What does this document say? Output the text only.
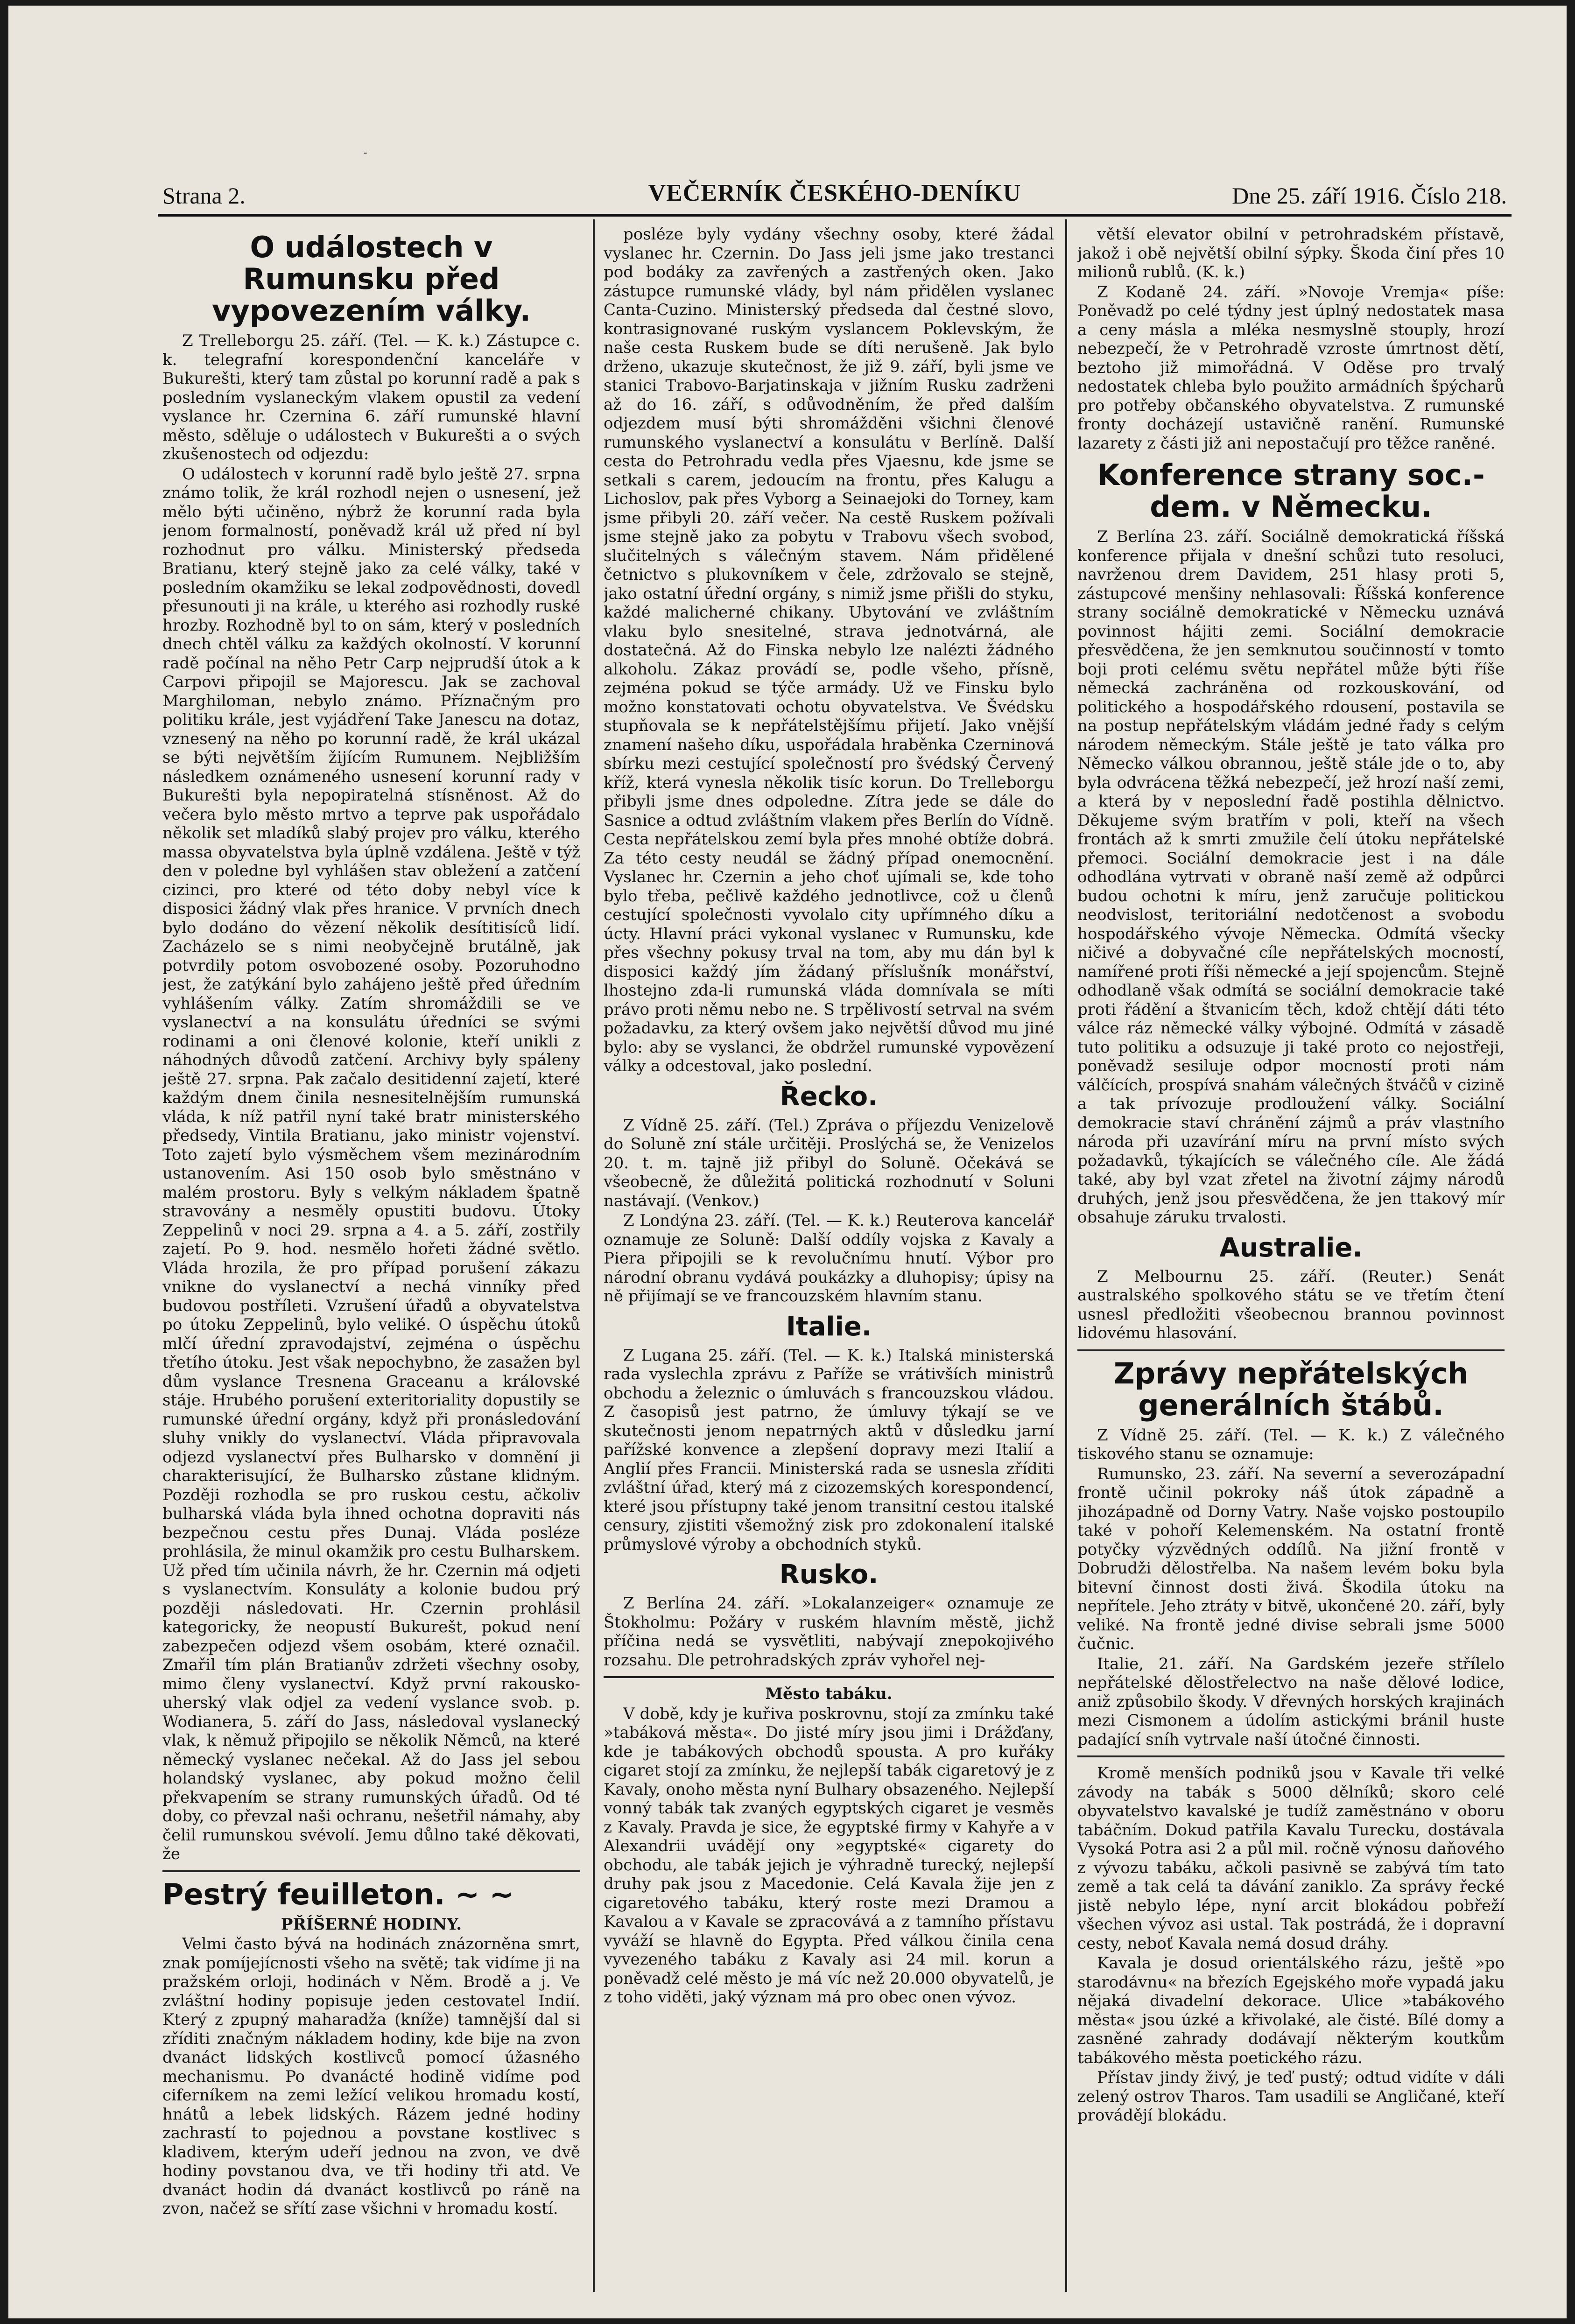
-
Strana 2.	VEČERNÍK ČESKÉHO-DENÍKU	Dne 25. září 1916. Číslo 218.
O událostech v Rumunsku před vypovezením války.

Z Trelleborgu 25. září. (Tel. — K. k.) Zástupce c. k. telegrafní korespondenční kanceláře v Bukurešti, který tam zůstal po korunní radě a pak s posledním vyslaneckým vlakem opustil za vedení vyslance hr. Czernina 6. září rumunské hlavní město, sděluje o událostech v Bukurešti a o svých zkušenostech od odjezdu:

O událostech v korunní radě bylo ještě 27. srpna známo tolik, že král rozhodl nejen o usnesení, jež mělo býti učiněno, nýbrž že korunní rada byla jenom formalností, poněvadž král už před ní byl rozhodnut pro válku. Ministerský předseda Bratianu, který stejně jako za celé války, také v posledním okamžiku se lekal zodpovědnosti, dovedl přesunouti ji na krále, u kterého asi rozhodly ruské hrozby. Rozhodně byl to on sám, který v posledních dnech chtěl válku za každých okolností. V korunní radě počínal na něho Petr Carp nejprudší útok a k Carpovi připojil se Majorescu. Jak se zachoval Marghiloman, nebylo známo. Příznačným pro politiku krále, jest vyjádření Take Janescu na dotaz, vznesený na něho po korunní radě, že král ukázal se býti největším žijícím Rumunem. Nejbližším následkem oznámeného usnesení korunní rady v Bukurešti byla nepopiratelná stísněnost. Až do večera bylo město mrtvo a teprve pak uspořádalo několik set mladíků slabý projev pro válku, kterého massa obyvatelstva byla úplně vzdálena. Ještě v týž den v poledne byl vyhlášen stav obležení a zatčení cizinci, pro které od této doby nebyl více k disposici žádný vlak přes hranice. V prvních dnech bylo dodáno do vězení několik desítitisíců lidí. Zacházelo se s nimi neobyčejně brutálně, jak potvrdily potom osvobozené osoby. Pozoruhodno jest, že zatýkání bylo zahájeno ještě před úředním vyhlášením války. Zatím shromáždili se ve vyslanectví a na konsulátu úředníci se svými rodinami a oni členové kolonie, kteří unikli z náhodných důvodů zatčení. Archivy byly spáleny ještě 27. srpna. Pak začalo desitidenní zajetí, které každým dnem činila nesnesitelnějším rumunská vláda, k níž patřil nyní také bratr ministerského předsedy, Vintila Bratianu, jako ministr vojenství. Toto zajetí bylo výsměchem všem mezinárodním ustanovením. Asi 150 osob bylo směstnáno v malém prostoru. Byly s velkým nákladem špatně stravovány a nesměly opustiti budovu. Útoky Zeppelinů v noci 29. srpna a 4. a 5. září, zostřily zajetí. Po 9. hod. nesmělo hořeti žádné světlo. Vláda hrozila, že pro případ porušení zákazu vnikne do vyslanectví a nechá vinníky před budovou postříleti. Vzrušení úřadů a obyvatelstva po útoku Zeppelinů, bylo veliké. O úspěchu útoků mlčí úřední zpravodajství, zejména o úspěchu třetího útoku. Jest však nepochybno, že zasažen byl dům vyslance Tresnena Graceanu a královské stáje. Hrubého porušení exteritoriality dopustily se rumunské úřední orgány, když při pronásledování sluhy vnikly do vyslanectví. Vláda připravovala odjezd vyslanectví přes Bulharsko v domnění ji charakterisující, že Bulharsko zůstane klidným. Později rozhodla se pro ruskou cestu, ačkoliv bulharská vláda byla ihned ochotna dopraviti nás bezpečnou cestu přes Dunaj. Vláda posléze prohlásila, že minul okamžik pro cestu Bulharskem. Už před tím učinila návrh, že hr. Czernin má odjeti s vyslanectvím. Konsuláty a kolonie budou prý později následovati. Hr. Czernin prohlásil kategoricky, že neopustí Bukurešt, pokud není zabezpečen odjezd všem osobám, které označil. Zmařil tím plán Bratianův zdržeti všechny osoby, mimo členy vyslanectví. Když první rakousko-uherský vlak odjel za vedení vyslance svob. p. Wodianera, 5. září do Jass, následoval vyslanecký vlak, k němuž připojilo se několik Němců, na které německý vyslanec nečekal. Až do Jass jel sebou holandský vyslanec, aby pokud možno čelil překvapením se strany rumunských úřadů. Od té doby, co převzal naši ochranu, nešetřil námahy, aby čelil rumunskou svévolí. Jemu důlno také děkovati, že

Pestrý feuilleton. ~ ~

PŘÍŠERNÉ HODINY.

Velmi často bývá na hodinách znázorněna smrt, znak pomíjejícnosti všeho na světě; tak vidíme ji na pražském orloji, hodinách v Něm. Brodě a j. Ve zvláštní hodiny popisuje jeden cestovatel Indií. Který z zpupný maharadža (kníže) tamnější dal si zříditi značným nákladem hodiny, kde bije na zvon dvanáct lidských kostlivců pomocí úžasného mechanismu. Po dvanácté hodině vidíme pod ciferníkem na zemi ležící velikou hromadu kostí, hnátů a lebek lidských. Rázem jedné hodiny zachrastí to pojednou a povstane kostlivec s kladivem, kterým udeří jednou na zvon, ve dvě hodiny povstanou dva, ve tři hodiny tři atd. Ve dvanáct hodin dá dvanáct kostlivců po ráně na zvon, načež se sřítí zase všichni v hromadu kostí.

posléze byly vydány všechny osoby, které žádal vyslanec hr. Czernin. Do Jass jeli jsme jako trestanci pod bodáky za zavřených a zastřených oken. Jako zástupce rumunské vlády, byl nám přidělen vyslanec Canta-Cuzino. Ministerský předseda dal čestné slovo, kontrasignované ruským vyslancem Poklevským, že naše cesta Ruskem bude se díti nerušeně. Jak bylo drženo, ukazuje skutečnost, že již 9. září, byli jsme ve stanici Trabovo-Barjatinskaja v jižním Rusku zadrženi až do 16. září, s odůvodněním, že před dalším odjezdem musí býti shromážděni všichni členové rumunského vyslanectví a konsulátu v Berlíně. Další cesta do Petrohradu vedla přes Vjaesnu, kde jsme se setkali s carem, jedoucím na frontu, přes Kalugu a Lichoslov, pak přes Vyborg a Seinaejoki do Torney, kam jsme přibyli 20. září večer. Na cestě Ruskem požívali jsme stejně jako za pobytu v Trabovu všech svobod, slučitelných s válečným stavem. Nám přidělené četnictvo s plukovníkem v čele, zdržovalo se stejně, jako ostatní úřední orgány, s nimiž jsme přišli do styku, každé malicherné chikany. Ubytování ve zvláštním vlaku bylo snesitelné, strava jednotvárná, ale dostatečná. Až do Finska nebylo lze nalézti žádného alkoholu. Zákaz provádí se, podle všeho, přísně, zejména pokud se týče armády. Už ve Finsku bylo možno konstatovati ochotu obyvatelstva. Ve Švédsku stupňovala se k nepřátelstějšímu přijetí. Jako vnější znamení našeho díku, uspořádala hraběnka Czerninová sbírku mezi cestující společností pro švédský Červený kříž, která vynesla několik tisíc korun. Do Trelleborgu přibyli jsme dnes odpoledne. Zítra jede se dále do Sasnice a odtud zvláštním vlakem přes Berlín do Vídně. Cesta nepřátelskou zemí byla přes mnohé obtíže dobrá. Za této cesty neudál se žádný případ onemocnění. Vyslanec hr. Czernin a jeho choť ujímali se, kde toho bylo třeba, pečlivě každého jednotlivce, což u členů cestující společnosti vyvolalo city upřímného díku a úcty. Hlavní práci vykonal vyslanec v Rumunsku, kde přes všechny pokusy trval na tom, aby mu dán byl k disposici každý jím žádaný příslušník monářství, lhostejno zda-li rumunská vláda domnívala se míti právo proti němu nebo ne. S trpělivostí setrval na svém požadavku, za který ovšem jako největší důvod mu jiné bylo: aby se vyslanci, že obdržel rumunské vypovězení války a odcestoval, jako poslední.

Řecko.

Z Vídně 25. září. (Tel.) Zpráva o příjezdu Venizelově do Soluně zní stále určitěji. Proslýchá se, že Venizelos 20. t. m. tajně již přibyl do Soluně. Očekává se všeobecně, že důležitá politická rozhodnutí v Soluni nastávají. (Venkov.)

Z Londýna 23. září. (Tel. — K. k.) Reuterova kancelář oznamuje ze Soluně: Další oddíly vojska z Kavaly a Piera připojili se k revolučnímu hnutí. Výbor pro národní obranu vydává poukázky a dluhopisy; úpisy na ně přijímají se ve francouzském hlavním stanu.

Italie.

Z Lugana 25. září. (Tel. — K. k.) Italská ministerská rada vyslechla zprávu z Paříže se vrátivších ministrů obchodu a železnic o úmluvách s francouzskou vládou. Z časopisů jest patrno, že úmluvy týkají se ve skutečnosti jenom nepatrných aktů v důsledku jarní pařížské konvence a zlepšení dopravy mezi Italií a Anglií přes Francii. Ministerská rada se usnesla zříditi zvláštní úřad, který má z cizozemských korespondencí, které jsou přístupny také jenom transitní cestou italské censury, zjistiti všemožný zisk pro zdokonalení italské průmyslové výroby a obchodních styků.

Rusko.

Z Berlína 24. září. »Lokalanzeiger« oznamuje ze Štokholmu: Požáry v ruském hlavním městě, jichž příčina nedá se vysvětliti, nabývají znepokojivého rozsahu. Dle petrohradských zpráv vyhořel nej-

Město tabáku.

V době, kdy je kuřiva poskrovnu, stojí za zmínku také »tabáková města«. Do jisté míry jsou jimi i Drážďany, kde je tabákových obchodů spousta. A pro kuřáky cigaret stojí za zmínku, že nejlepší tabák cigaretový je z Kavaly, onoho města nyní Bulhary obsazeného. Nejlepší vonný tabák tak zvaných egyptských cigaret je vesměs z Kavaly. Pravda je sice, že egyptské firmy v Kahyře a v Alexandrii uvádějí ony »egyptské« cigarety do obchodu, ale tabák jejich je výhradně turecký, nejlepší druhy pak jsou z Macedonie. Celá Kavala žije jen z cigaretového tabáku, který roste mezi Dramou a Kavalou a v Kavale se zpracovává a z tamního přístavu vyváží se hlavně do Egypta. Před válkou činila cena vyvezeného tabáku z Kavaly asi 24 mil. korun a poněvadž celé město je má víc než 20.000 obyvatelů, je z toho viděti, jaký význam má pro obec onen vývoz.

větší elevator obilní v petrohradském přístavě, jakož i obě největší obilní sýpky. Škoda činí přes 10 milionů rublů. (K. k.)

Z Kodaně 24. září. »Novoje Vremja« píše: Poněvadž po celé týdny jest úplný nedostatek masa a ceny másla a mléka nesmyslně stouply, hrozí nebezpečí, že v Petrohradě vzroste úmrtnost dětí, beztoho již mimořádná. V Oděse pro trvalý nedostatek chleba bylo použito armádních špýcharů pro potřeby občanského obyvatelstva. Z rumunské fronty docházejí ustavičně ranění. Rumunské lazarety z části již ani nepostačují pro těžce raněné.

Konference strany soc.-dem. v Německu.

Z Berlína 23. září. Sociálně demokratická říšská konference přijala v dnešní schůzi tuto resoluci, navrženou drem Davidem, 251 hlasy proti 5, zástupcové menšiny nehlasovali: Říšská konference strany sociálně demokratické v Německu uznává povinnost hájiti zemi. Sociální demokracie přesvědčena, že jen semknutou součinností v tomto boji proti celému světu nepřátel může býti říše německá zachráněna od rozkouskování, od politického a hospodářského rdousení, postavila se na postup nepřátelským vládám jedné řady s celým národem německým. Stále ještě je tato válka pro Německo válkou obrannou, ještě stále jde o to, aby byla odvrácena těžká nebezpečí, jež hrozí naší zemi, a která by v neposlední řadě postihla dělnictvo. Děkujeme svým bratřím v poli, kteří na všech frontách až k smrti zmužile čelí útoku nepřátelské přemoci. Sociální demokracie jest i na dále odhodlána vytrvati v obraně naší země až odpůrci budou ochotni k míru, jenž zaručuje politickou neodvislost, teritoriální nedotčenost a svobodu hospodářského vývoje Německa. Odmítá všecky ničivé a dobyvačné cíle nepřátelských mocností, namířené proti říši německé a její spojencům. Stejně odhodlaně však odmítá se sociální demokracie také proti řádění a štvanicím těch, kdož chtějí dáti této válce ráz německé války výbojné. Odmítá v zásadě tuto politiku a odsuzuje ji také proto co nejostřeji, poněvadž sesiluje odpor mocností proti nám válčících, prospívá snahám válečných štváčů v cizině a tak prívozuje prodloužení války. Sociální demokracie staví chránění zájmů a práv vlastního národa při uzavírání míru na první místo svých požadavků, týkajících se válečného cíle. Ale žádá také, aby byl vzat zřetel na životní zájmy národů druhých, jenž jsou přesvědčena, že jen ttakový mír obsahuje záruku trvalosti.

Australie.

Z Melbournu 25. září. (Reuter.) Senát australského spolkového státu se ve třetím čtení usnesl předložiti všeobecnou brannou povinnost lidovému hlasování.

Zprávy nepřátelských generálních štábů.

Z Vídně 25. září. (Tel. — K. k.) Z válečného tiskového stanu se oznamuje:

Rumunsko, 23. září. Na severní a severozápadní frontě učinil pokroky náš útok západně a jihozápadně od Dorny Vatry. Naše vojsko postoupilo také v pohoří Kelemenském. Na ostatní frontě potyčky výzvědných oddílů. Na jižní frontě v Dobrudži dělostřelba. Na našem levém boku byla bitevní činnost dosti živá. Škodila útoku na nepřítele. Jeho ztráty v bitvě, ukončené 20. září, byly veliké. Na frontě jedné divise sebrali jsme 5000 čučnic.

Italie, 21. září. Na Gardském jezeře střílelo nepřátelské dělostřelectvo na naše dělové lodice, aniž způsobilo škody. V dřevných horských krajinách mezi Cismonem a údolím astickými bránil huste padající sníh vytrvale naší útočné činnosti.

Kromě menších podniků jsou v Kavale tři velké závody na tabák s 5000 dělníků; skoro celé obyvatelstvo kavalské je tudíž zaměstnáno v oboru tabáčním. Dokud patřila Kavalu Turecku, dostávala Vysoká Potra asi 2 a půl mil. ročně výnosu daňového z vývozu tabáku, ačkoli pasivně se zabývá tím tato země a tak celá ta dávání zaniklo. Za správy řecké jistě nebylo lépe, nyní arcit blokádou pobřeží všechen vývoz asi ustal. Tak postrádá, že i dopravní cesty, neboť Kavala nemá dosud dráhy.

Kavala je dosud orientálského rázu, ještě »po starodávnu« na březích Egejského moře vypadá jaku nějaká divadelní dekorace. Ulice »tabákového města« jsou úzké a křivolaké, ale čisté. Bílé domy a zasněné zahrady dodávají některým koutkům tabákového města poetického rázu.

Přístav jindy živý, je teď pustý; odtud vidíte v dáli zelený ostrov Tharos. Tam usadili se Angličané, kteří provádějí blokádu.
